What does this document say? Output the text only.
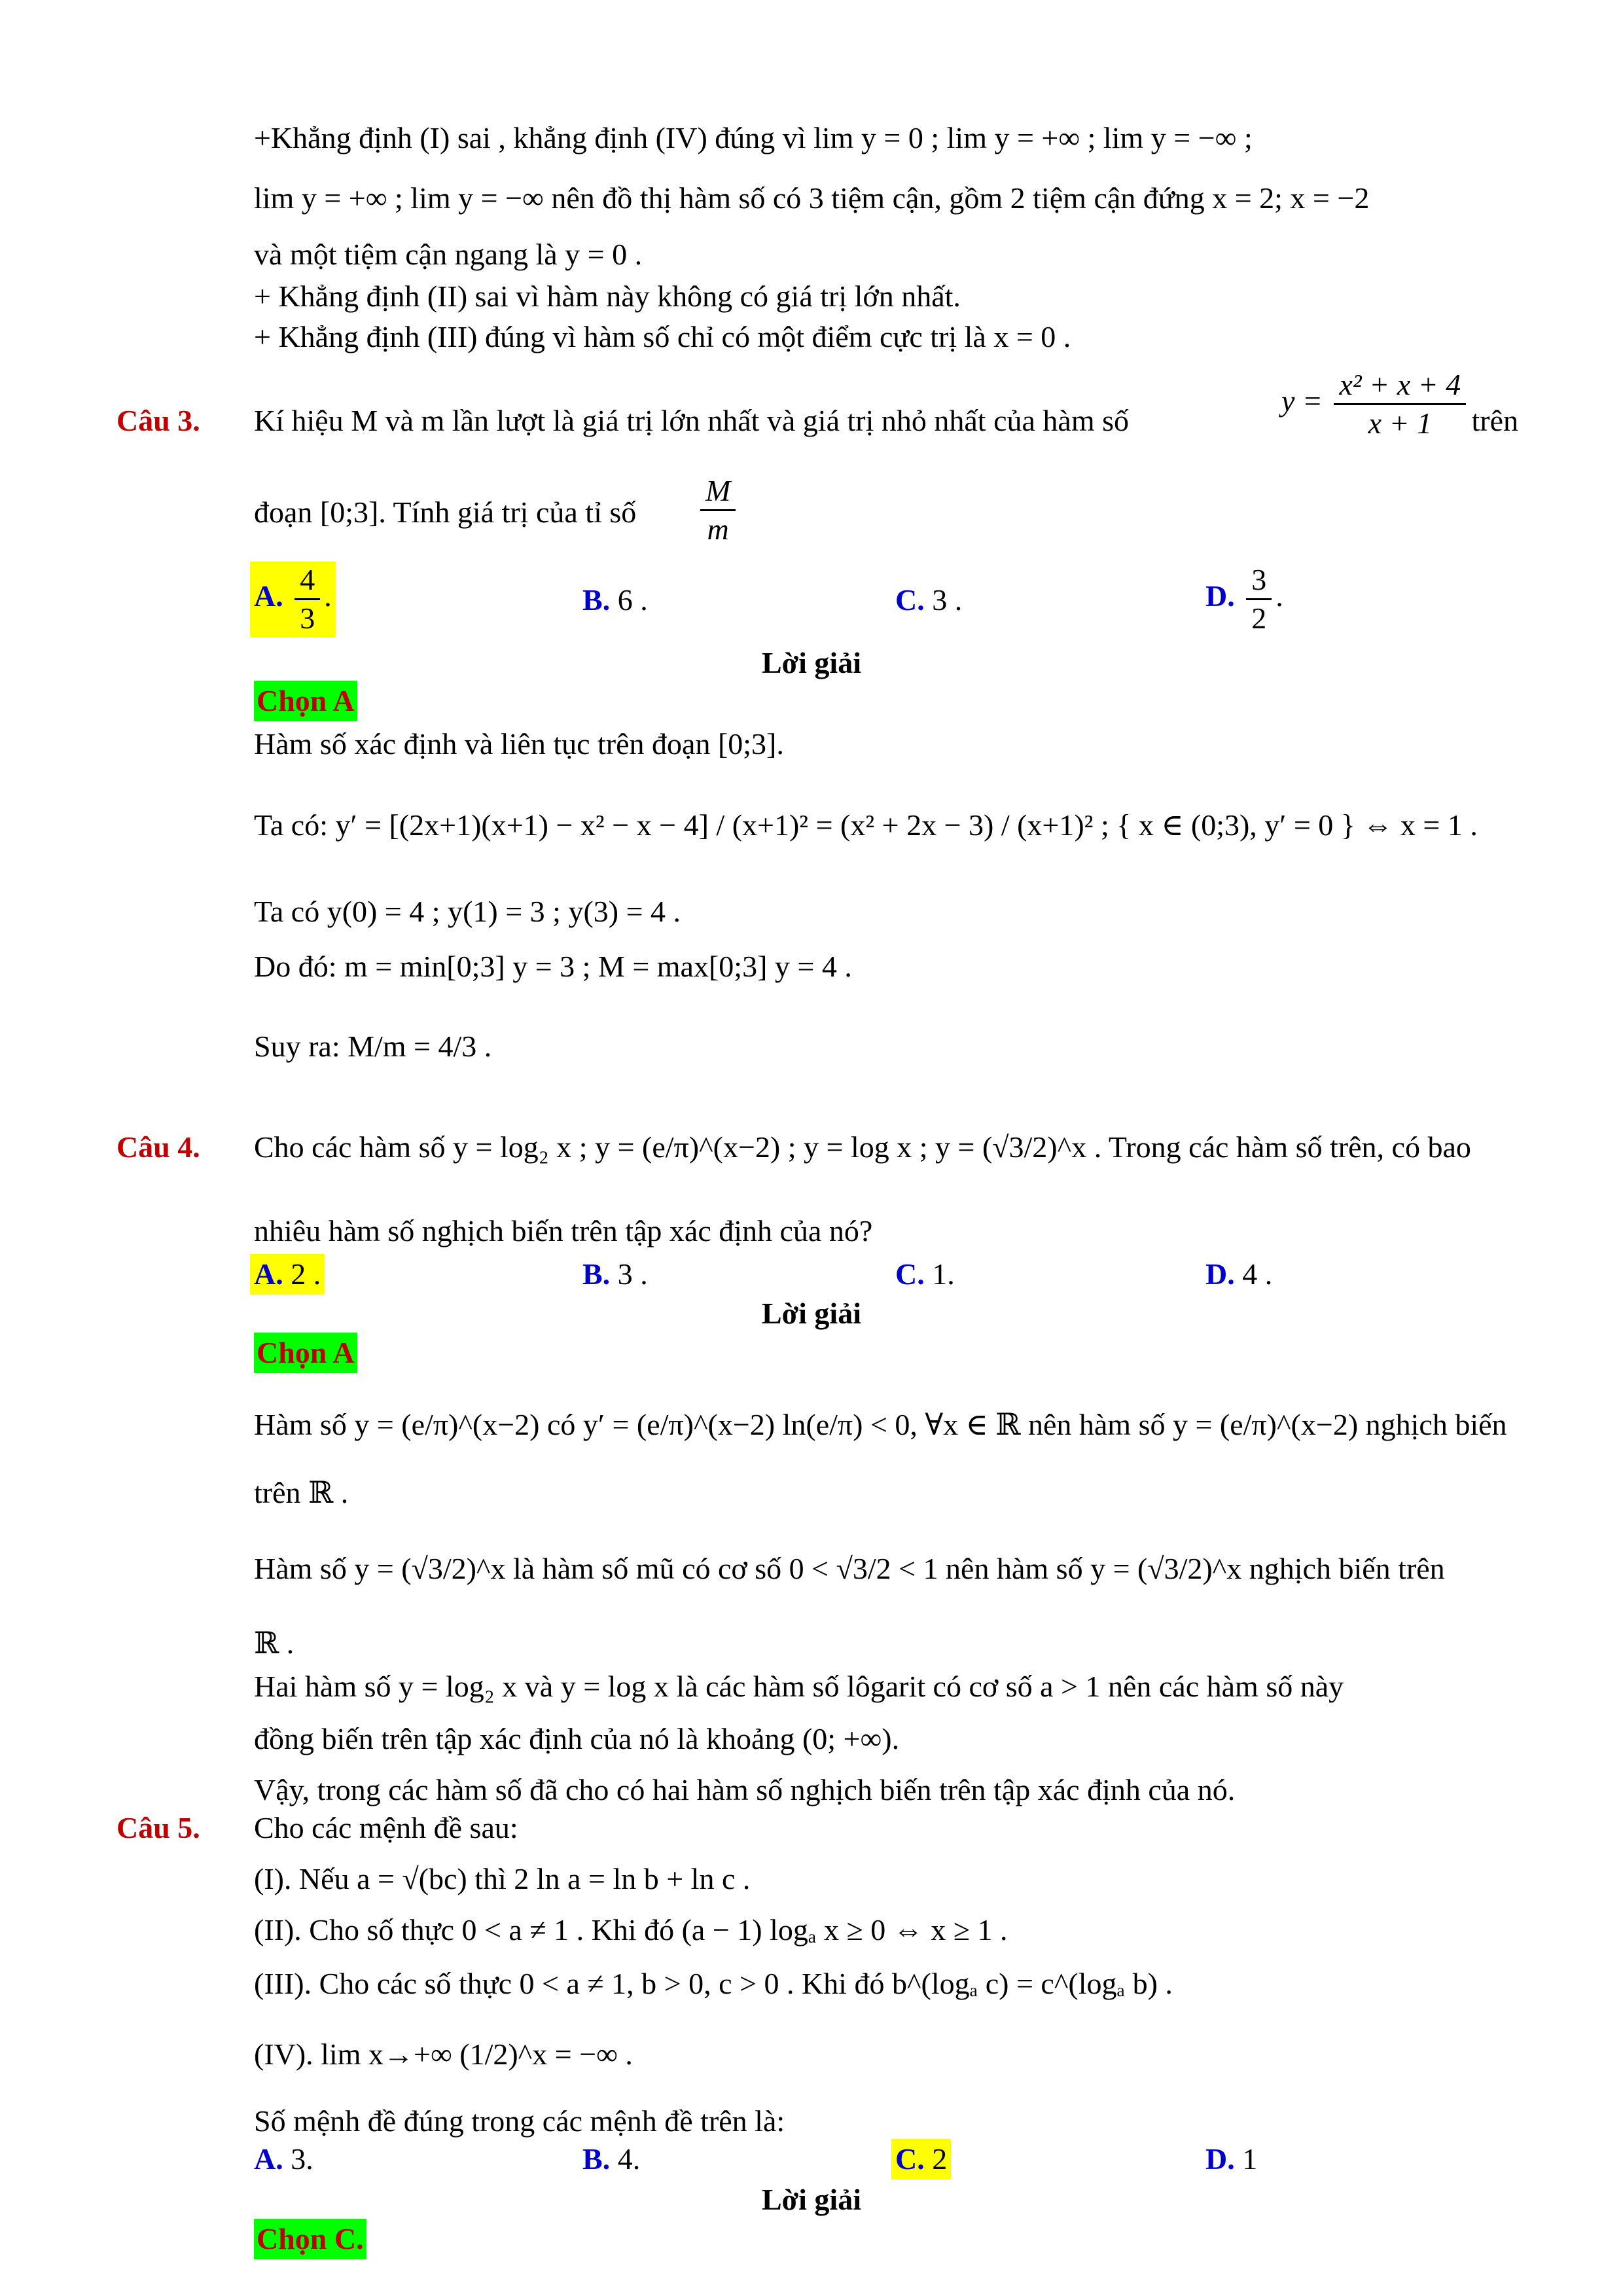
+Khẳng định (I) sai , khẳng định (IV) đúng vì lim y = 0 ; lim y = +∞ ; lim y = −∞ ;
lim y = +∞ ; lim y = −∞ nên đồ thị hàm số có 3 tiệm cận, gồm 2 tiệm cận đứng x = 2; x = −2
và một tiệm cận ngang là y = 0 .
+ Khẳng định (II) sai vì hàm này không có giá trị lớn nhất.
+ Khẳng định (III) đúng vì hàm số chỉ có một điểm cực trị là x = 0 .
Câu 3. Kí hiệu M và m lần lượt là giá trị lớn nhất và giá trị nhỏ nhất của hàm số
$y = \frac{\text{x² + x + 4}}{x + 1}$ trên
đoạn [0;3]. Tính giá trị của tỉ số $\frac{M}{m}$
A. $\frac{4}{3}$ .	B. 6 .	C. 3 .	D. $\frac{3}{2}$ .
Lời giải
Chọn A
Hàm số xác định và liên tục trên đoạn [0;3].
Ta có: y′ = [(2x+1)(x+1) − x² − x − 4] / (x+1)² = (x² + 2x − 3) / (x+1)² ; { x ∈ (0;3), y′ = 0 } ⇔ x = 1 .
Ta có y(0) = 4 ; y(1) = 3 ; y(3) = 4 .
Do đó: m = min[0;3] y = 3 ; M = max[0;3] y = 4 .
Suy ra: M/m = 4/3 .
Câu 4. Cho các hàm số y = log₂ x ; y = (e/π)^(x−2) ; y = log x ; y = (√3/2)^x . Trong các hàm số trên, có bao
nhiêu hàm số nghịch biến trên tập xác định của nó?
A. 2 .	B. 3 .	C. 1.	D. 4 .
Lời giải
Chọn A
Hàm số y = (e/π)^(x−2) có y′ = (e/π)^(x−2) ln(e/π) < 0, ∀x ∈ ℝ nên hàm số y = (e/π)^(x−2) nghịch biến
trên ℝ .
Hàm số y = (√3/2)^x là hàm số mũ có cơ số 0 < √3/2 < 1 nên hàm số y = (√3/2)^x nghịch biến trên
ℝ .
Hai hàm số y = log₂ x và y = log x là các hàm số lôgarit có cơ số a > 1 nên các hàm số này
đồng biến trên tập xác định của nó là khoảng (0; +∞).
Vậy, trong các hàm số đã cho có hai hàm số nghịch biến trên tập xác định của nó.
Câu 5. Cho các mệnh đề sau:
(I). Nếu a = √(bc) thì 2 ln a = ln b + ln c .
(II). Cho số thực 0 < a ≠ 1 . Khi đó (a − 1) logₐ x ≥ 0 ⇔ x ≥ 1 .
(III). Cho các số thực 0 < a ≠ 1, b > 0, c > 0 . Khi đó b^(logₐ c) = c^(logₐ b) .
(IV). lim x→+∞ (1/2)^x = −∞ .
Số mệnh đề đúng trong các mệnh đề trên là:
A. 3.	B. 4.	C. 2	D. 1
Lời giải
Chọn C.
